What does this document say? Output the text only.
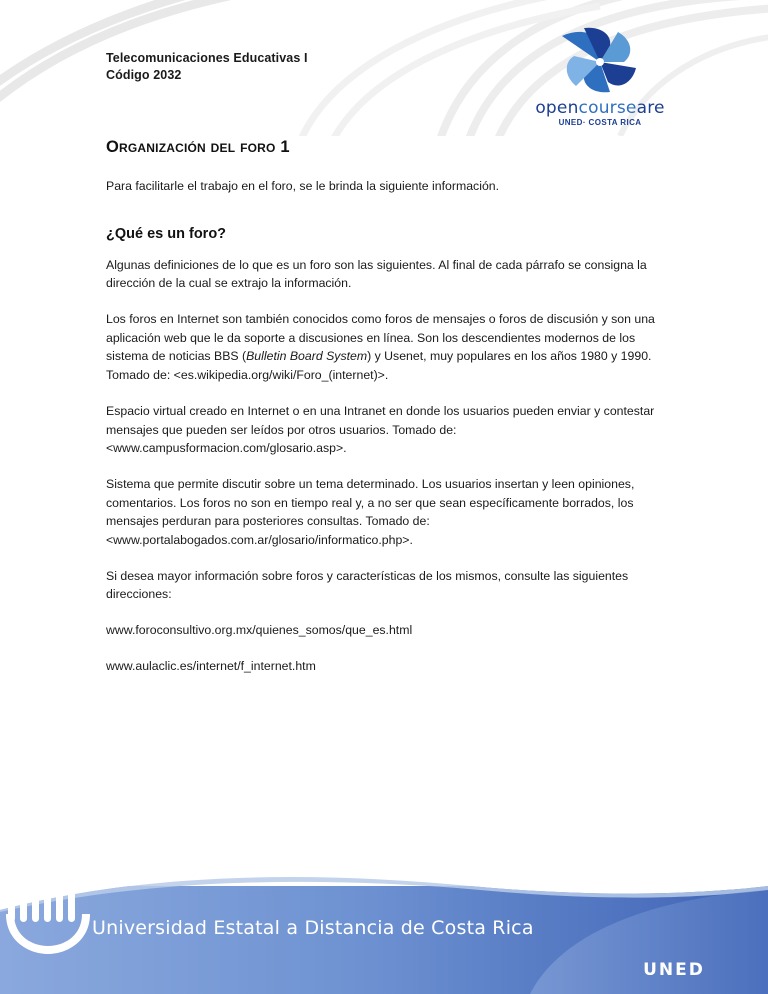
Telecomunicaciones Educativas I
Código 2032
opencourseare
UNED· COSTA RICA
Organización del foro 1

Para facilitarle el trabajo en el foro, se le brinda la siguiente información.

¿Qué es un foro?

Algunas definiciones de lo que es un foro son las siguientes. Al final de cada párrafo se consigna la dirección de la cual se extrajo la información.

Los foros en Internet son también conocidos como foros de mensajes o foros de discusión y son una aplicación web que le da soporte a discusiones en línea. Son los descendientes modernos de los sistema de noticias BBS (Bulletin Board System) y Usenet, muy populares en los años 1980 y 1990. Tomado de: <es.wikipedia.org/wiki/Foro_(internet)>.

Espacio virtual creado en Internet o en una Intranet en donde los usuarios pueden enviar y contestar mensajes que pueden ser leídos por otros usuarios. Tomado de: <www.campusformacion.com/glosario.asp>.

Sistema que permite discutir sobre un tema determinado. Los usuarios insertan y leen opiniones, comentarios. Los foros no son en tiempo real y, a no ser que sean específicamente borrados, los mensajes perduran para posteriores consultas. Tomado de: <www.portalabogados.com.ar/glosario/informatico.php>.

Si desea mayor información sobre foros y características de los mismos, consulte las siguientes direcciones:

www.foroconsultivo.org.mx/quienes_somos/que_es.html

www.aulaclic.es/internet/f_internet.htm

Universidad Estatal a Distancia de Costa Rica
UNED
